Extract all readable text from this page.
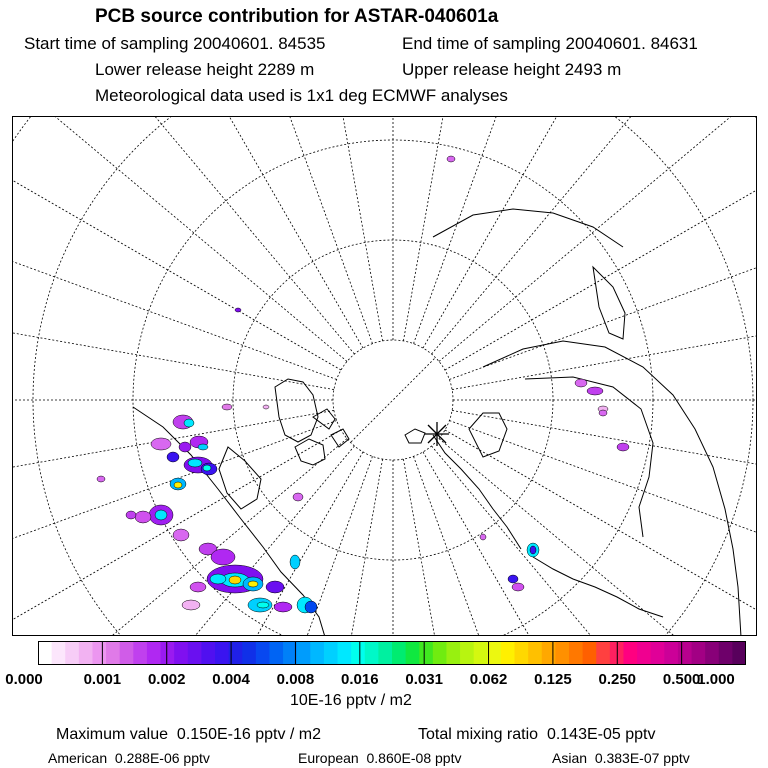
PCB source contribution for ASTAR-040601a
Start time of sampling 20040601. 84535	End time of sampling 20040601. 84631
Lower release height 2289 m	Upper release height 2493 m
Meteorological data used is 1x1 deg ECMWF analyses
0.000	0.001 0.002 0.004 0.008 0.016 0.031 0.062 0.125 0.250 0.500
1.000
10E-16 pptv / m2
Maximum value 0.150E-16 pptv / m2	Total mixing ratio 0.143E-05 pptv
American 0.288E-06 pptv	European 0.860E-08 pptv	Asian 0.383E-07 pptv
